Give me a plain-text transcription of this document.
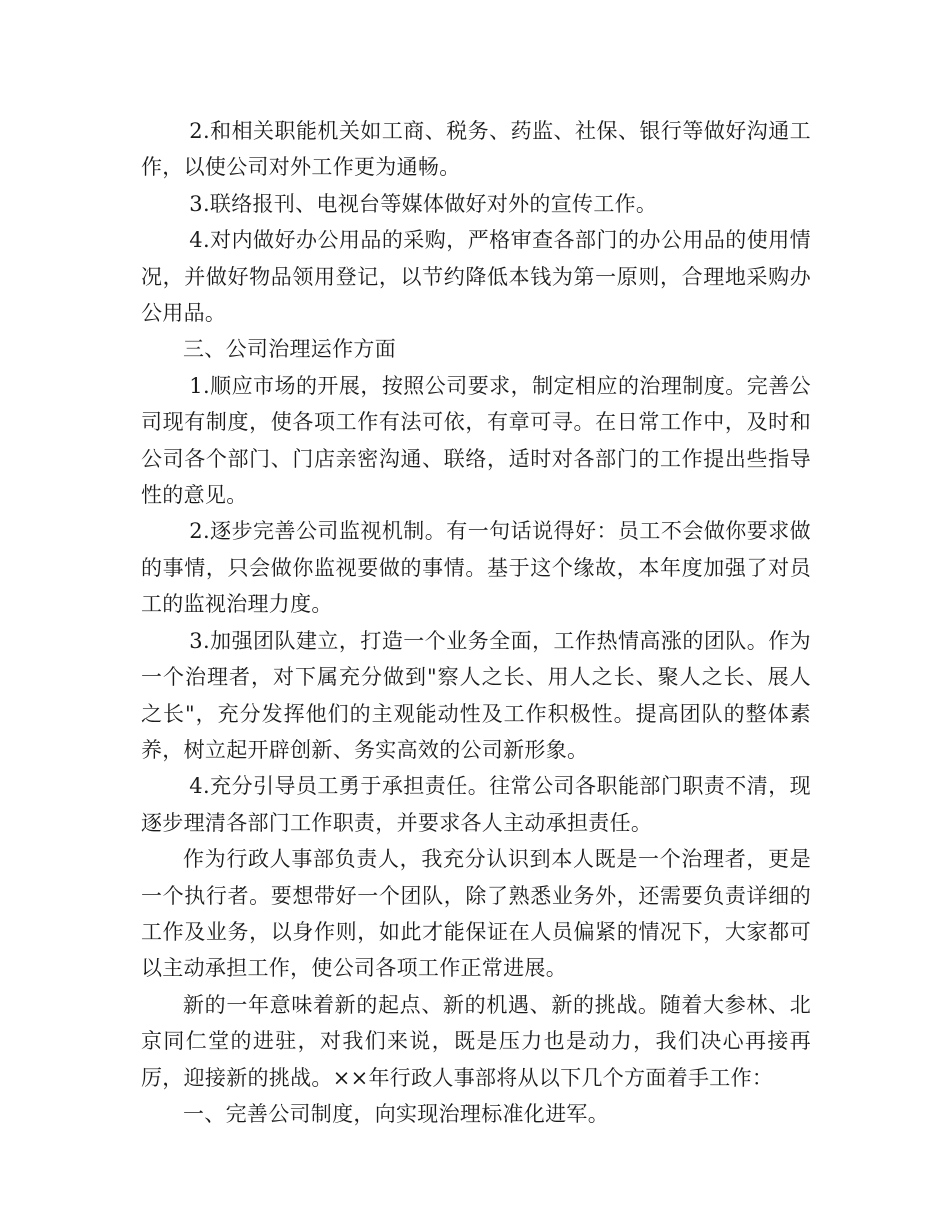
2.和相关职能机关如工商、税务、药监、社保、银行等做好沟通工作，以使公司对外工作更为通畅。

3.联络报刊、电视台等媒体做好对外的宣传工作。

4.对内做好办公用品的采购，严格审查各部门的办公用品的使用情况，并做好物品领用登记，以节约降低本钱为第一原则，合理地采购办公用品。

三、公司治理运作方面

1.顺应市场的开展，按照公司要求，制定相应的治理制度。完善公司现有制度，使各项工作有法可依，有章可寻。在日常工作中，及时和公司各个部门、门店亲密沟通、联络，适时对各部门的工作提出些指导性的意见。

2.逐步完善公司监视机制。有一句话说得好：员工不会做你要求做的事情，只会做你监视要做的事情。基于这个缘故，本年度加强了对员工的监视治理力度。

3.加强团队建立，打造一个业务全面，工作热情高涨的团队。作为一个治理者，对下属充分做到"察人之长、用人之长、聚人之长、展人之长"，充分发挥他们的主观能动性及工作积极性。提高团队的整体素养，树立起开辟创新、务实高效的公司新形象。

4.充分引导员工勇于承担责任。往常公司各职能部门职责不清，现逐步理清各部门工作职责，并要求各人主动承担责任。

作为行政人事部负责人，我充分认识到本人既是一个治理者，更是一个执行者。要想带好一个团队，除了熟悉业务外，还需要负责详细的工作及业务，以身作则，如此才能保证在人员偏紧的情况下，大家都可以主动承担工作，使公司各项工作正常进展。

新的一年意味着新的起点、新的机遇、新的挑战。随着大参林、北京同仁堂的进驻，对我们来说，既是压力也是动力，我们决心再接再厉，迎接新的挑战。××年行政人事部将从以下几个方面着手工作：

一、完善公司制度，向实现治理标准化进军。
